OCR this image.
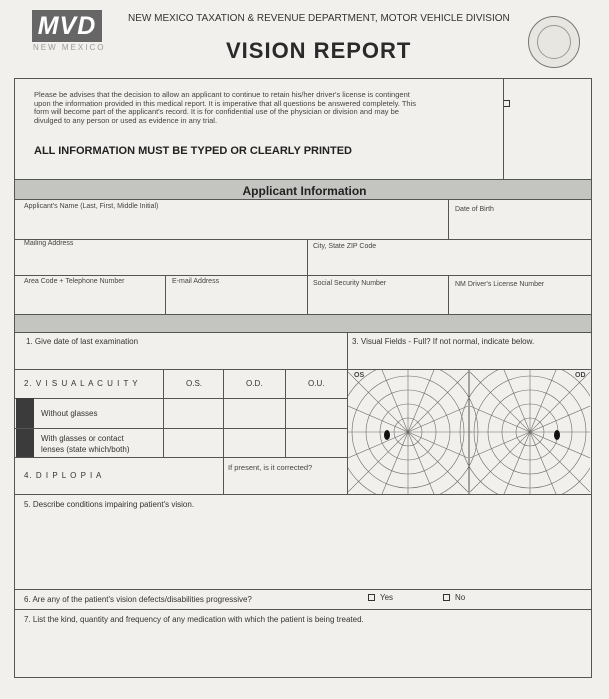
MVD
NEW MEXICO
NEW MEXICO TAXATION & REVENUE DEPARTMENT, MOTOR VEHICLE DIVISION
VISION REPORT
Please be advises that the decision to allow an applicant to continue to retain his/her driver's license is contingent
upon the information provided in this medical report. It is imperative that all questions be answered completely. This
form will become part of the applicant's record. It is for confidential use of the physician or division and may be
divulged to any person or used as evidence in any trial.
ALL INFORMATION MUST BE TYPED OR CLEARLY PRINTED
Applicant Information
Applicant's Name (Last, First, Middle Initial)	Date of Birth
Mailing Address	City, State ZIP Code
Area Code + Telephone Number	E-mail Address	Social Security Number	NM Driver's License Number
1. Give date of last examination	3. Visual Fields - Full? If not normal, indicate below.
2. V I S U A L A C U I T Y	O.S.	O.D.	O.U.
Without glasses
With glasses or contact
lenses (state which/both)
4. D I P L O P I A
If present, is it corrected?
OS	OD
5. Describe conditions impairing patient's vision.
6. Are any of the patient's vision defects/disabilities progressive?	Yes	No
7. List the kind, quantity and frequency of any medication with which the patient is being treated.
